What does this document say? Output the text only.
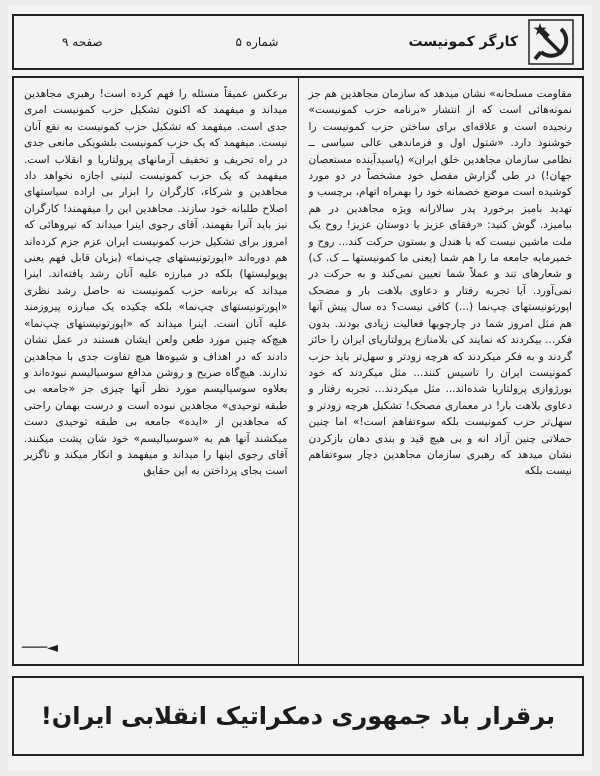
کارگر کمونیست
شماره ۵
صفحه ۹

مقاومت مسلحانه» نشان میدهد که سازمان مجاهدین هم جز نمونه‌هائی است که از انتشار «برنامه حزب کمونیست» رنجیده است و علاقه‌ای برای ساختن حزب کمونیست را خوشنود دارد. «شتول اول و فرماندهی عالی سیاسی ــ نظامی سازمان مجاهدین خلق ایران» (پاسیدآینده مستعصان جهان!) در طی گزارش مفصل خود مشخصاً در دو مورد کوشیده است موضع خصمانه خود را بهمراه اتهام، برچسب و تهدید بامیز برخورد پدر سالارانه ویژه مجاهدین در هم بیامیزد. گوش کنید: «رفقای عزیز یا دوستان عزیز! روح یک ملت ماشین نیست که با هندل و بستون حرکت کند... روح و خمیرمایه جامعه ما را هم شما (یعنی ما کمونیستها ــ ک. ک) و شعارهای تند و عملاً شما تعیین نمی‌کند و به حرکت در نمی‌آورد. آیا تجربه رفتار و دعاوی بلاهت بار و مضحک اپورتونیستهای چپ‌نما (...) کافی نیست؟ ده سال پیش آنها هم مثل امروز شما در چارچوبها فعالیت زیادی بودند. بدون فکر... بیکردند که نمایند کی بلامنازع پرولتاریای ایران را حائز گردند و به فکر میکردند که هرچه زودتر و سهل‌تر باید حزب کمونیست ایران را تاسیس کنند... مثل میکردند که خود بورژوازی پرولتاریا شده‌اند... مثل میکردند... تجربه رفتار و دعاوی بلاهت بار! در معماری مصحک! تشکیل هرچه زودتر و سهل‌تر حزب کمونیست بلکه سوءتفاهم است!» اما چنین حملاتی چنین آزاد انه و بی هیچ قید و بندی دهان بازکردن نشان میدهد که رهبری سازمان مجاهدین دچار سوءتفاهم نیست بلکه

برعکس عمیقاً مسئله را فهم کرده است! رهبری مجاهدین میداند و میفهمد که اکنون تشکیل حزب کمونیست امری جدی است. میفهمد که تشکیل حزب کمونیست به نفع آنان نیست. میفهمد که یک حزب کمونیست بلشویکی مانعی جدی در راه تحریف و تخفیف آرمانهای پرولتاریا و انقلاب است. میفهمد که یک حزب کمونیست لنینی اجازه نخواهد داد مجاهدین و شرکاء، کارگران را ابزار بی اراده سیاستهای اصلاح طلبانه خود سازند. مجاهدین این را میفهمند! کارگران نیز باید آنرا بفهمند. آقای رجوی اینرا میداند که نیروهائی که امروز برای تشکیل حزب کمونیست ایران عزم جزم کرده‌اند هم دوره‌اند «اپورتونیستهای چپ‌نما» (بزبان قابل فهم یعنی پوپولیستها) بلکه در مبارزه علیه آنان رشد یافته‌اند. اینرا میداند که برنامه حزب کمونیست نه حاصل رشد نظری «اپورتونیستهای چپ‌نما» بلکه چکیده یک مبارزه پیروزمند علیه آنان است. اینرا میداند که «اپورتونیستهای چپ‌نما» هیچ‌که چنین مورد طعن ولعن ایشان هستند در عمل نشان دادند که در اهداف و شیوه‌ها هیچ تفاوت جدی با مجاهدین ندارند. هیچ‌گاه صریح و روشن مدافع سوسیالیسم نبوده‌اند و بعلاوه سوسیالیسم مورد نظر آنها چیزی جز «جامعه بی طبقه توحیدی» مجاهدین نبوده است و درست بهمان راحتی که مجاهدین از «ایده» جامعه بی طبقه توحیدی دست میکشند آنها هم به «سوسیالیسم» خود شان پشت میکنند. آقای رجوی اینها را میداند و میفهمد و انکار میکند و ناگزیر است بجای پرداختن به این حقایق

◄───
برقرار باد جمهوری دمکراتیک انقلابی ایران!
